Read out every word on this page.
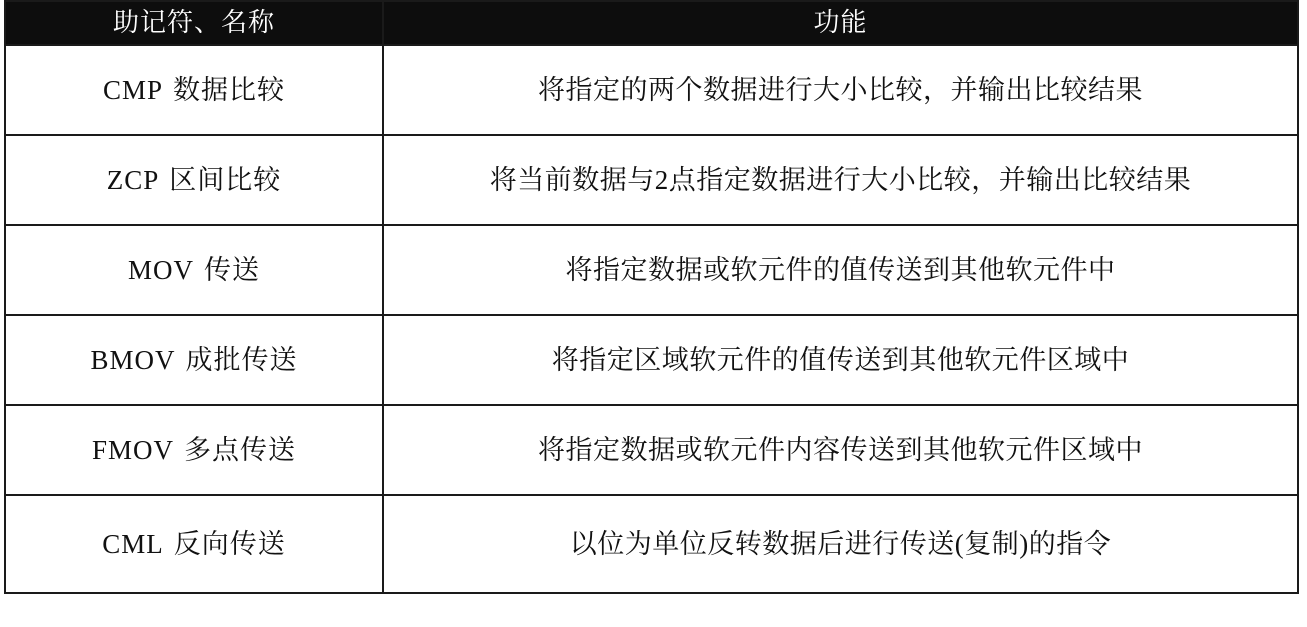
助记符、名称	功能

CMP 数据比较	将指定的两个数据进行大小比较，并输出比较结果
ZCP 区间比较	将当前数据与2点指定数据进行大小比较，并输出比较结果
MOV 传送	将指定数据或软元件的值传送到其他软元件中
BMOV 成批传送	将指定区域软元件的值传送到其他软元件区域中
FMOV 多点传送	将指定数据或软元件内容传送到其他软元件区域中
CML 反向传送	以位为单位反转数据后进行传送(复制)的指令
